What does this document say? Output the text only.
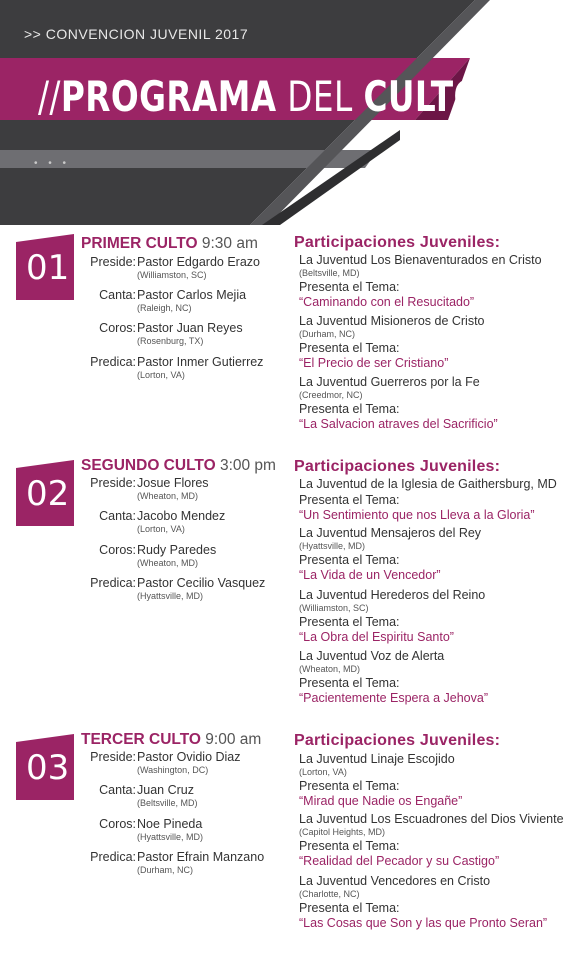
>> CONVENCION JUVENIL 2017
//PROGRAMA DEL CULTO
• • •
01
PRIMER CULTO 9:30 am
Preside: Pastor Edgardo Erazo
(Williamston, SC)
Canta: Pastor Carlos Mejia
(Raleigh, NC)
Coros: Pastor Juan Reyes
(Rosenburg, TX)
Predica: Pastor Inmer Gutierrez
(Lorton, VA)
Participaciones Juveniles:
La Juventud Los Bienaventurados en Cristo
(Beltsville, MD)
Presenta el Tema:
“Caminando con el Resucitado”
La Juventud Misioneros de Cristo
(Durham, NC)
Presenta el Tema:
“El Precio de ser Cristiano”
La Juventud Guerreros por la Fe
(Creedmor, NC)
Presenta el Tema:
“La Salvacion atraves del Sacrificio”
02
SEGUNDO CULTO 3:00 pm
Preside: Josue Flores
(Wheaton, MD)
Canta: Jacobo Mendez
(Lorton, VA)
Coros: Rudy Paredes
(Wheaton, MD)
Predica: Pastor Cecilio Vasquez
(Hyattsville, MD)
Participaciones Juveniles:
La Juventud de la Iglesia de Gaithersburg, MD
Presenta el Tema:
“Un Sentimiento que nos Lleva a la Gloria”
La Juventud Mensajeros del Rey
(Hyattsville, MD)
Presenta el Tema:
“La Vida de un Vencedor”
La Juventud Herederos del Reino
(Williamston, SC)
Presenta el Tema:
“La Obra del Espiritu Santo”
La Juventud Voz de Alerta
(Wheaton, MD)
Presenta el Tema:
“Pacientemente Espera a Jehova”
03
TERCER CULTO 9:00 am
Preside: Pastor Ovidio Diaz
(Washington, DC)
Canta: Juan Cruz
(Beltsville, MD)
Coros: Noe Pineda
(Hyattsville, MD)
Predica: Pastor Efrain Manzano
(Durham, NC)
Participaciones Juveniles:
La Juventud Linaje Escojido
(Lorton, VA)
Presenta el Tema:
“Mirad que Nadie os Engañe”
La Juventud Los Escuadrones del Dios Viviente
(Capitol Heights, MD)
Presenta el Tema:
“Realidad del Pecador y su Castigo”
La Juventud Vencedores en Cristo
(Charlotte, NC)
Presenta el Tema:
“Las Cosas que Son y las que Pronto Seran”
